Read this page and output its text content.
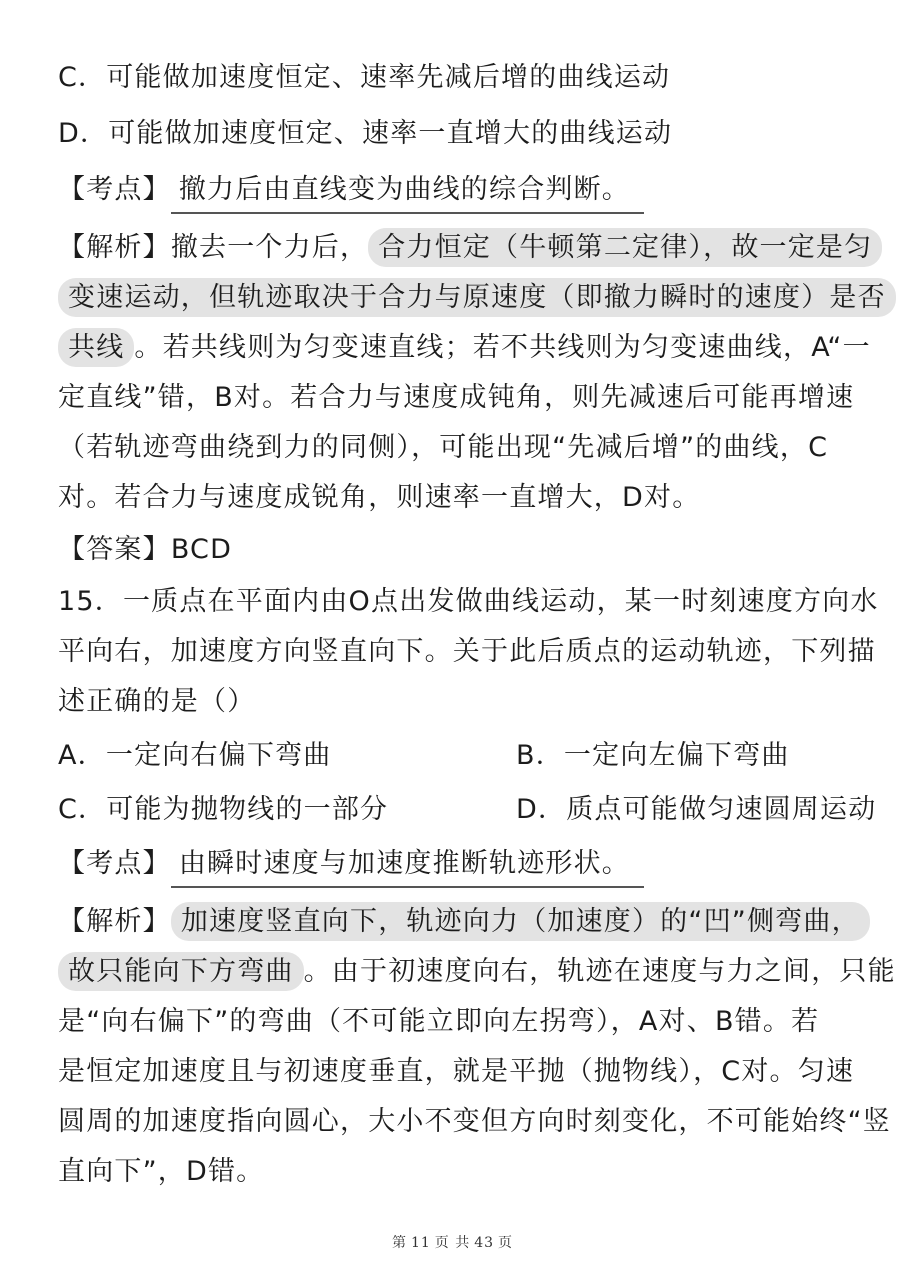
C．可能做加速度恒定、速率先减后增的曲线运动
D．可能做加速度恒定、速率一直增大的曲线运动
【考点】 撤力后由直线变为曲线的综合判断。
【解析】撤去一个力后， 合力恒定（牛顿第二定律），故一定是匀
变速运动，但轨迹取决于合力与原速度（即撤力瞬时的速度）是否
共线 。若共线则为匀变速直线；若不共线则为匀变速曲线，A“一
定直线”错，B对。若合力与速度成钝角，则先减速后可能再增速
（若轨迹弯曲绕到力的同侧），可能出现“先减后增”的曲线，C
对。若合力与速度成锐角，则速率一直增大，D对。
【答案】BCD
15．一质点在平面内由O点出发做曲线运动，某一时刻速度方向水
平向右，加速度方向竖直向下。关于此后质点的运动轨迹，下列描
述正确的是（）
A．一定向右偏下弯曲	B．一定向左偏下弯曲
C．可能为抛物线的一部分	D．质点可能做匀速圆周运动
【考点】 由瞬时速度与加速度推断轨迹形状。
【解析】 加速度竖直向下，轨迹向力（加速度）的“凹”侧弯曲，
故只能向下方弯曲 。由于初速度向右，轨迹在速度与力之间，只能
是“向右偏下”的弯曲（不可能立即向左拐弯），A对、B错。若
是恒定加速度且与初速度垂直，就是平抛（抛物线），C对。匀速
圆周的加速度指向圆心，大小不变但方向时刻变化，不可能始终“竖
直向下”，D错。
第 11 页 共 43 页
